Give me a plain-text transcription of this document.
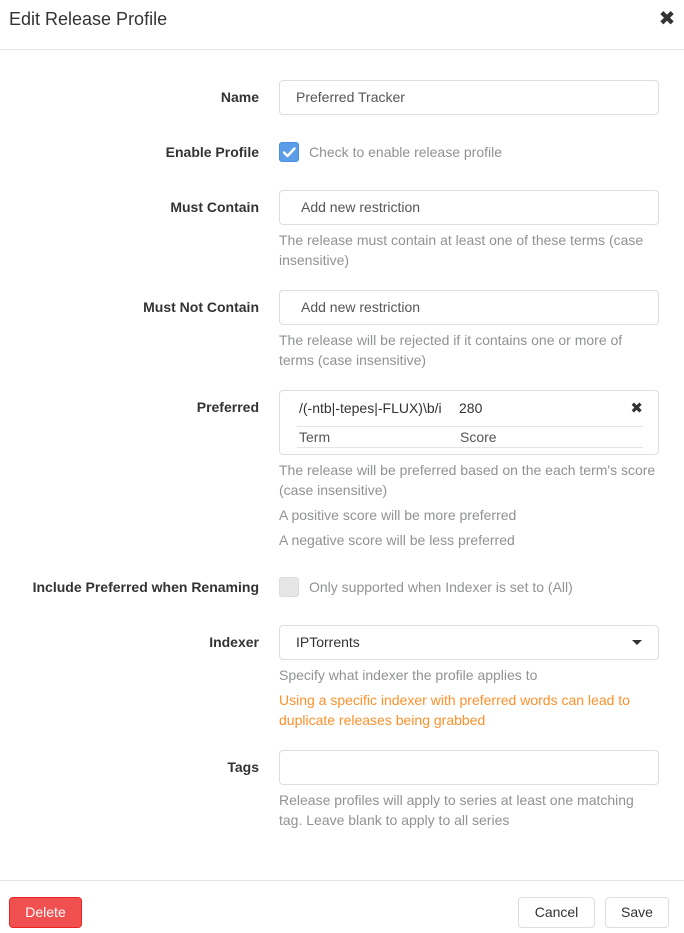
Edit Release Profile	✖
Name	Preferred Tracker
Enable Profile	Check to enable release profile
Must Contain	Add new restriction
The release must contain at least one of these terms (case insensitive)
Must Not Contain	Add new restriction
The release will be rejected if it contains one or more of terms (case insensitive)
Preferred	/(-ntb|-tepes|-FLUX)\b/i 280	✖
Term	Score
The release will be preferred based on the each term's score (case insensitive)
A positive score will be more preferred
A negative score will be less preferred
Include Preferred when Renaming	Only supported when Indexer is set to (All)
Indexer	IPTorrents
Specify what indexer the profile applies to
Using a specific indexer with preferred words can lead to duplicate releases being grabbed
Tags
Release profiles will apply to series at least one matching tag. Leave blank to apply to all series
Delete	Cancel	Save
